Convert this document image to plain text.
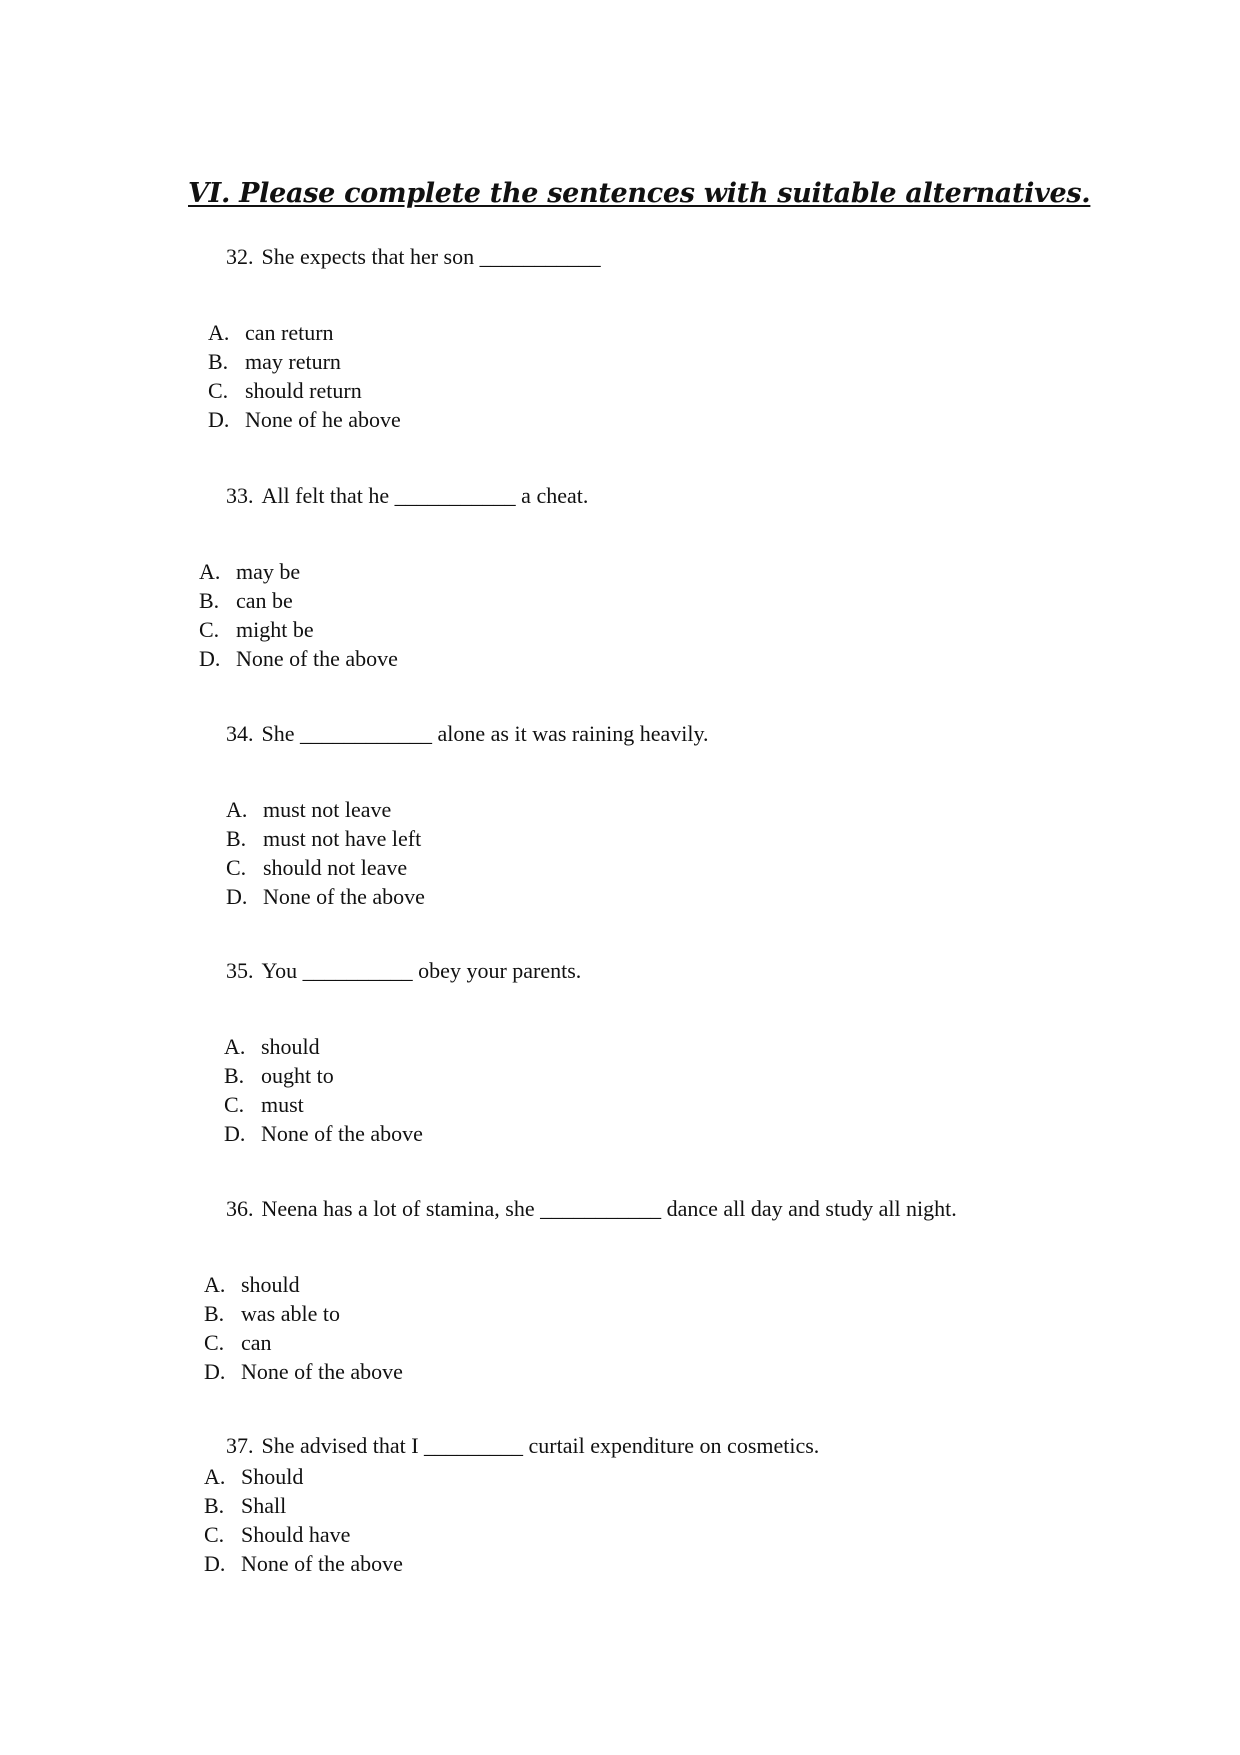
VI. Please complete the sentences with suitable alternatives.
32. She expects that her son ___________
A. can return
B. may return
C. should return
D. None of he above
33. All felt that he ___________ a cheat.
A. may be
B. can be
C. might be
D. None of the above
34. She ____________ alone as it was raining heavily.
A. must not leave
B. must not have left
C. should not leave
D. None of the above
35. You __________ obey your parents.
A. should
B. ought to
C. must
D. None of the above
36. Neena has a lot of stamina, she ___________ dance all day and study all night.
A. should
B. was able to
C. can
D. None of the above
37. She advised that I _________ curtail expenditure on cosmetics.
A. Should
B. Shall
C. Should have
D. None of the above
